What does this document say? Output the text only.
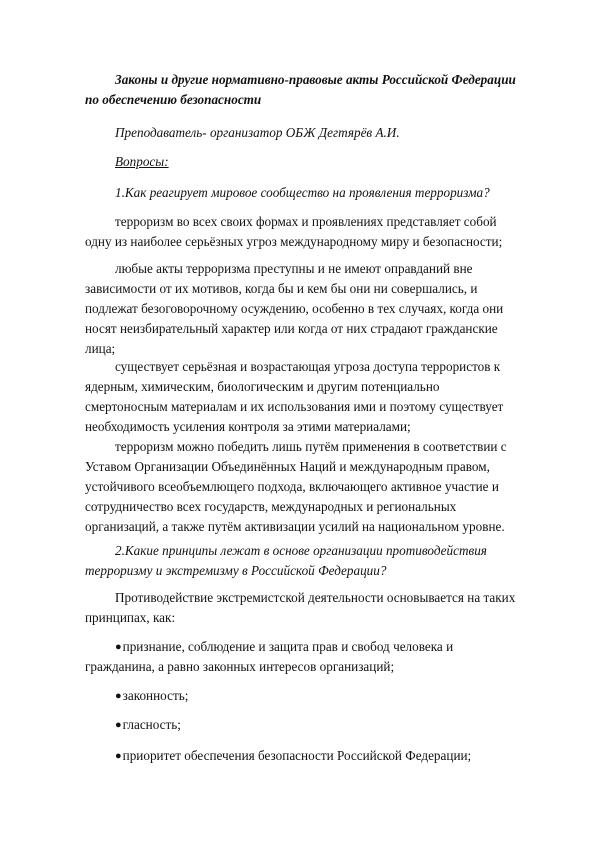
Законы и другие нормативно-правовые акты Российской Федерации по обеспечению безопасности

Преподаватель- организатор ОБЖ Дегтярёв А.И.

Вопросы:

1.Как реагирует мировое сообщество на проявления терроризма?

терроризм во всех своих формах и проявлениях представляет собой одну из наиболее серьёзных угроз международному миру и безопасности;

любые акты терроризма преступны и не имеют оправданий вне зависимости от их мотивов, когда бы и кем бы они ни совершались, и подлежат безоговорочному осуждению, особенно в тех случаях, когда они носят неизбирательный характер или когда от них страдают гражданские лица;

существует серьёзная и возрастающая угроза доступа террористов к ядерным, химическим, биологическим и другим потенциально смертоносным материалам и их использования ими и поэтому существует необходимость усиления контроля за этими материалами;

терроризм можно победить лишь путём применения в соответствии с Уставом Организации Объединённых Наций и международным правом, устойчивого всеобъемлющего подхода, включающего активное участие и сотрудничество всех государств, международных и региональных организаций, а также путём активизации усилий на национальном уровне.

2.Какие принципы лежат в основе организации противодействия терроризму и экстремизму в Российской Федерации?

Противодействие экстремистской деятельности основывается на таких принципах, как:

●признание, соблюдение и защита прав и свобод человека и гражданина, а равно законных интересов организаций;

●законность;

●гласность;

●приоритет обеспечения безопасности Российской Федерации;
